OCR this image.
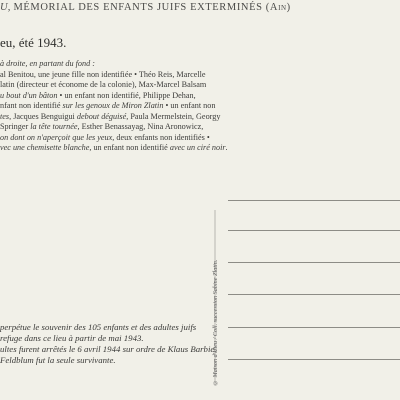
U, MÉMORIAL DES ENFANTS JUIFS EXTERMINÉS (Ain)
eu, été 1943.

à droite, en partant du fond :

al Benitou, une jeune fille non identifiée • Théo Reis, Marcelle

latin (directeur et économe de la colonie), Max-Marcel Balsam

u bout d'un bâton • un enfant non identifié, Philippe Dehan,

nfant non identifié sur les genoux de Miron Zlatin • un enfant non

tes, Jacques Benguigui debout déguisé, Paula Mermelstein, Georgy

Springer la tête tournée, Esther Benassayag, Nina Aronowicz,

on dont on n'aperçoit que les yeux, deux enfants non identifiés •

vec une chemisette blanche, un enfant non identifié avec un ciré noir.

perpétue le souvenir des 105 enfants et des adultes juifs

refuge dans ce lieu à partir de mai 1943.

ultes furent arrêtés le 6 avril 1944 sur ordre de Klaus Barbie,

Feldblum fut la seule survivante.	© Maison d'Izieu / Coll. succession Sabine Zlatin.
